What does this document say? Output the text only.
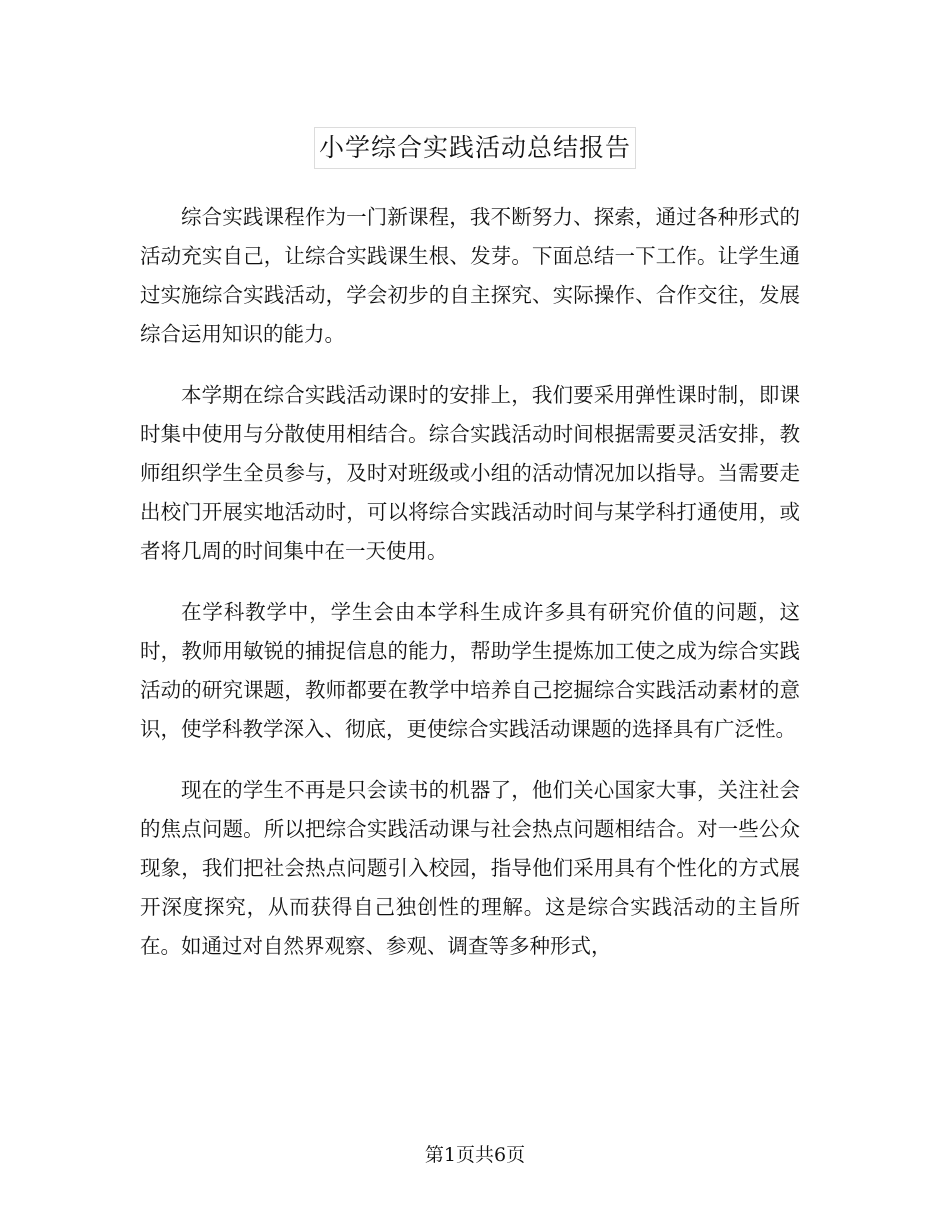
小学综合实践活动总结报告

综合实践课程作为一门新课程，我不断努力、探索，通过各种形式的活动充实自己，让综合实践课生根、发芽。下面总结一下工作。让学生通过实施综合实践活动，学会初步的自主探究、实际操作、合作交往，发展综合运用知识的能力。

本学期在综合实践活动课时的安排上，我们要采用弹性课时制，即课时集中使用与分散使用相结合。综合实践活动时间根据需要灵活安排，教师组织学生全员参与，及时对班级或小组的活动情况加以指导。当需要走出校门开展实地活动时，可以将综合实践活动时间与某学科打通使用，或者将几周的时间集中在一天使用。

在学科教学中，学生会由本学科生成许多具有研究价值的问题，这时，教师用敏锐的捕捉信息的能力，帮助学生提炼加工使之成为综合实践活动的研究课题，教师都要在教学中培养自己挖掘综合实践活动素材的意识，使学科教学深入、彻底，更使综合实践活动课题的选择具有广泛性。

现在的学生不再是只会读书的机器了，他们关心国家大事，关注社会的焦点问题。所以把综合实践活动课与社会热点问题相结合。对一些公众现象，我们把社会热点问题引入校园，指导他们采用具有个性化的方式展开深度探究，从而获得自己独创性的理解。这是综合实践活动的主旨所在。如通过对自然界观察、参观、调查等多种形式，

第1页共6页
